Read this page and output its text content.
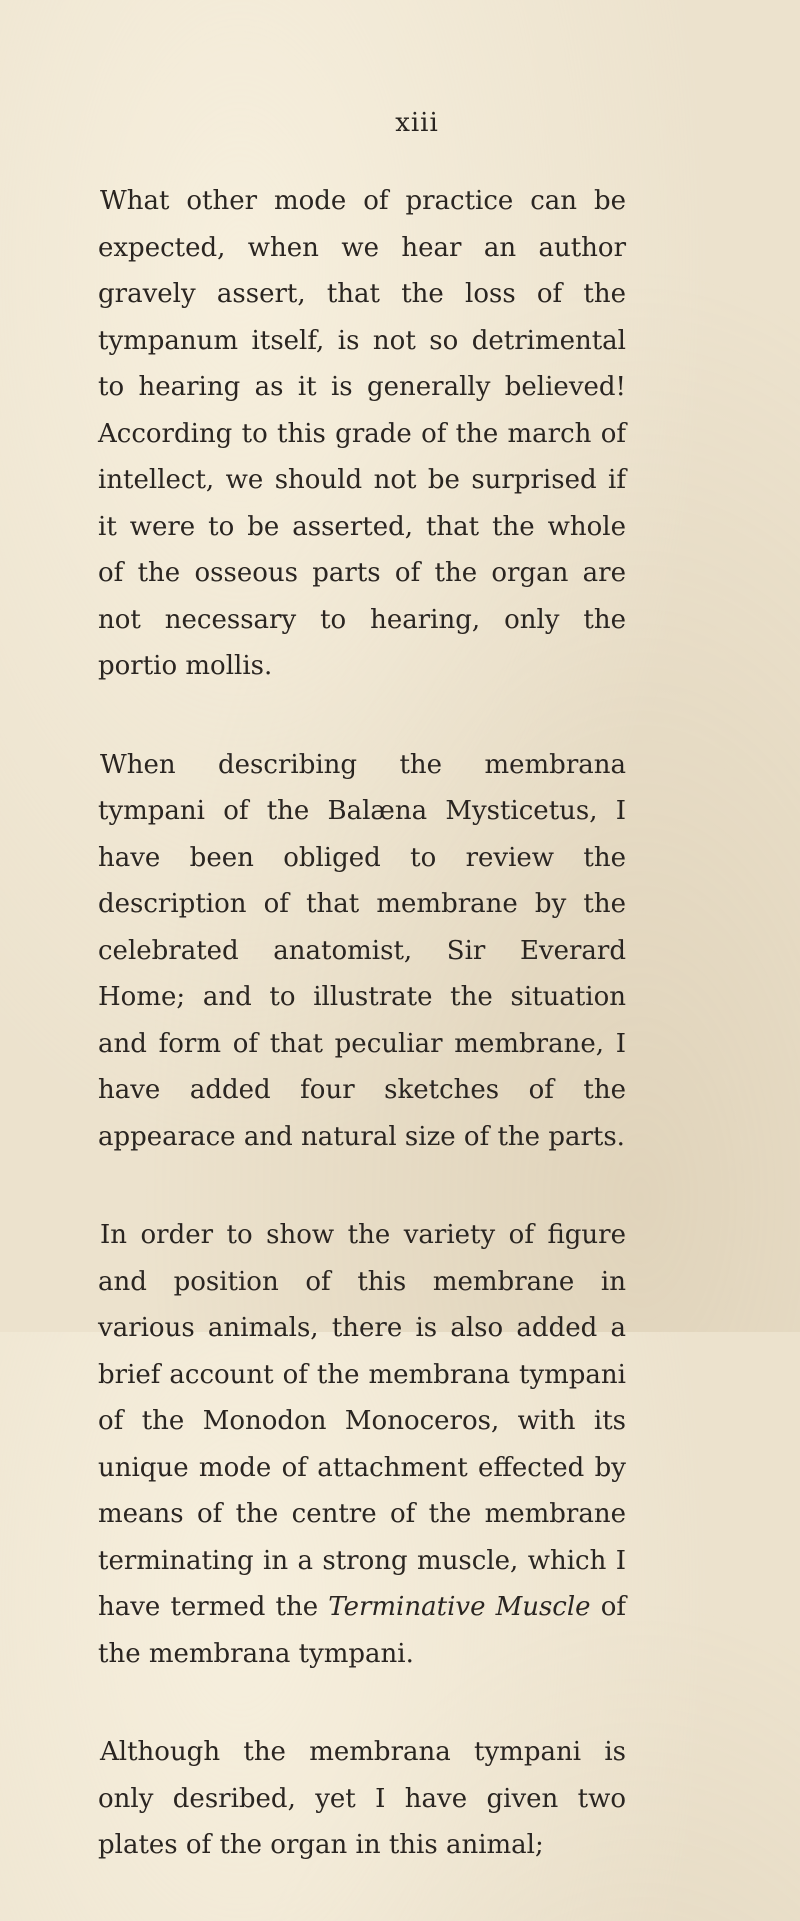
xiii

What other mode of practice can be expected, when we hear an author gravely assert, that the loss of the tympanum itself, is not so detrimental to hearing as it is generally believed! According to this grade of the march of intellect, we should not be surprised if it were to be asserted, that the whole of the osseous parts of the organ are not necessary to hearing, only the portio mollis.

When describing the membrana tympani of the Balæna Mysticetus, I have been obliged to review the description of that membrane by the celebrated anatomist, Sir Everard Home; and to illustrate the situation and form of that peculiar membrane, I have added four sketches of the appearace and natural size of the parts.

In order to show the variety of figure and position of this membrane in various animals, there is also added a brief account of the membrana tympani of the Monodon Monoceros, with its unique mode of attachment effected by means of the centre of the membrane terminating in a strong muscle, which I have termed the Terminative Muscle of the membrana tympani.

Although the membrana tympani is only desribed, yet I have given two plates of the organ in this animal;
